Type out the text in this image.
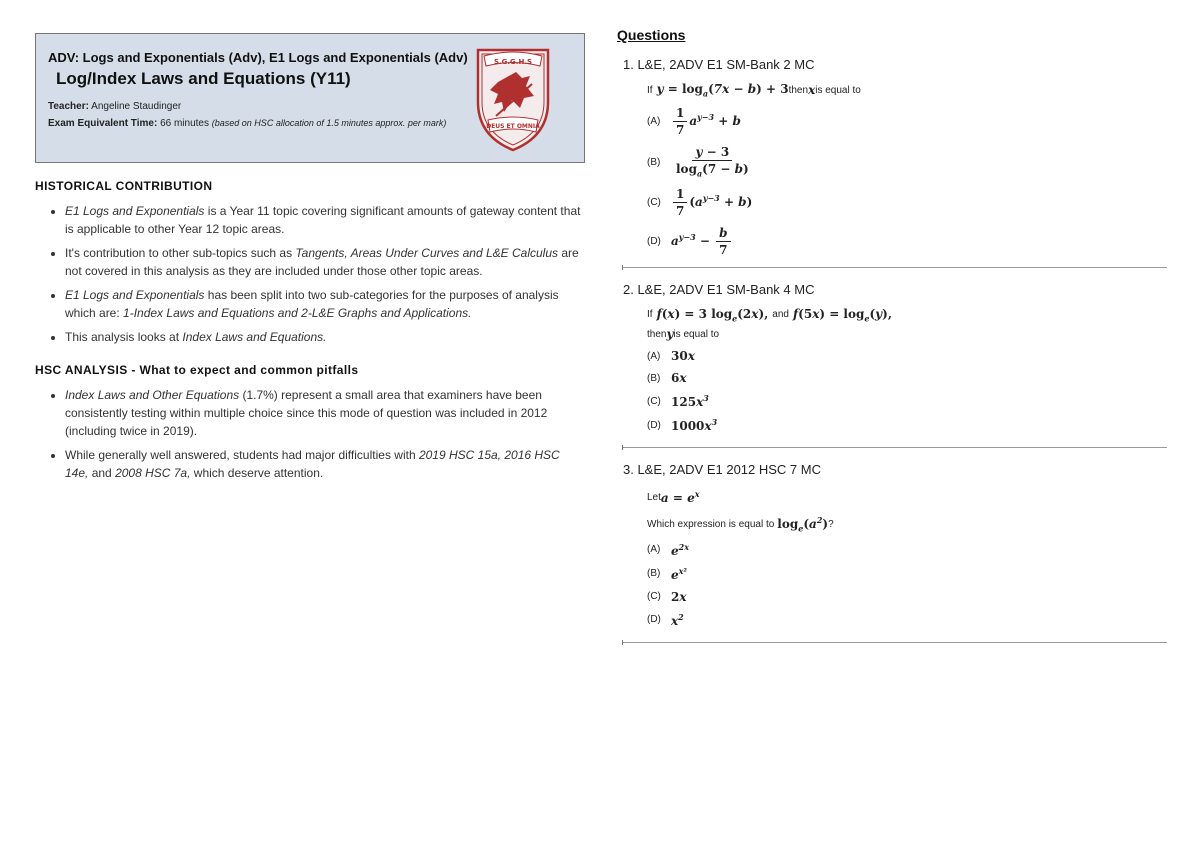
ADV: Logs and Exponentials (Adv), E1 Logs and Exponentials (Adv)
Log/Index Laws and Equations (Y11)
Teacher: Angeline Staudinger
Exam Equivalent Time: 66 minutes (based on HSC allocation of 1.5 minutes approx. per mark)
S.G.G.H.S
DEUS ET OMNIA
HISTORICAL CONTRIBUTION
• E1 Logs and Exponentials is a Year 11 topic covering significant amounts of gateway content that is applicable to other Year 12 topic areas.
• It's contribution to other sub-topics such as Tangents, Areas Under Curves and L&E Calculus are not covered in this analysis as they are included under those other topic areas.
• E1 Logs and Exponentials has been split into two sub-categories for the purposes of analysis which are: 1-Index Laws and Equations and 2-L&E Graphs and Applications.
• This analysis looks at Index Laws and Equations.
HSC ANALYSIS - What to expect and common pitfalls
• Index Laws and Other Equations (1.7%) represent a small area that examiners have been consistently testing within multiple choice since this mode of question was included in 2012 (including twice in 2019).
• While generally well answered, students had major difficulties with 2019 HSC 15a, 2016 HSC 14e, and 2008 HSC 7a, which deserve attention.
Questions
1. L&E, 2ADV E1 SM-Bank 2 MC
If $y = \log_a(7x - b) + 3$ then x is equal to
(A)	$\frac{1}{7} a^{y-3} + b$
(B)	$\frac{y - 3}{\log_a(7 - b)}$
(C)	$\frac{1}{7} (a^{y-3} + b)$
(D) $a^{y-3} - \frac{b}{7}$
2. L&E, 2ADV E1 SM-Bank 4 MC
If f(x) = 3 $\log_e(2x)$, and $f(5x) = \log_e(y)$,
then y is equal to
(A) 30x
(B) 6x
(C) $125x^3$
(D) $1000x^3$
3. L&E, 2ADV E1 2012 HSC 7 MC
Let $a = e^x$
Which expression is equal to $\log_e(a^2)$ ?
(A) $e^{2x}$
(B) $e^{x^2}$
(C) 2x
(D) $x^2$
